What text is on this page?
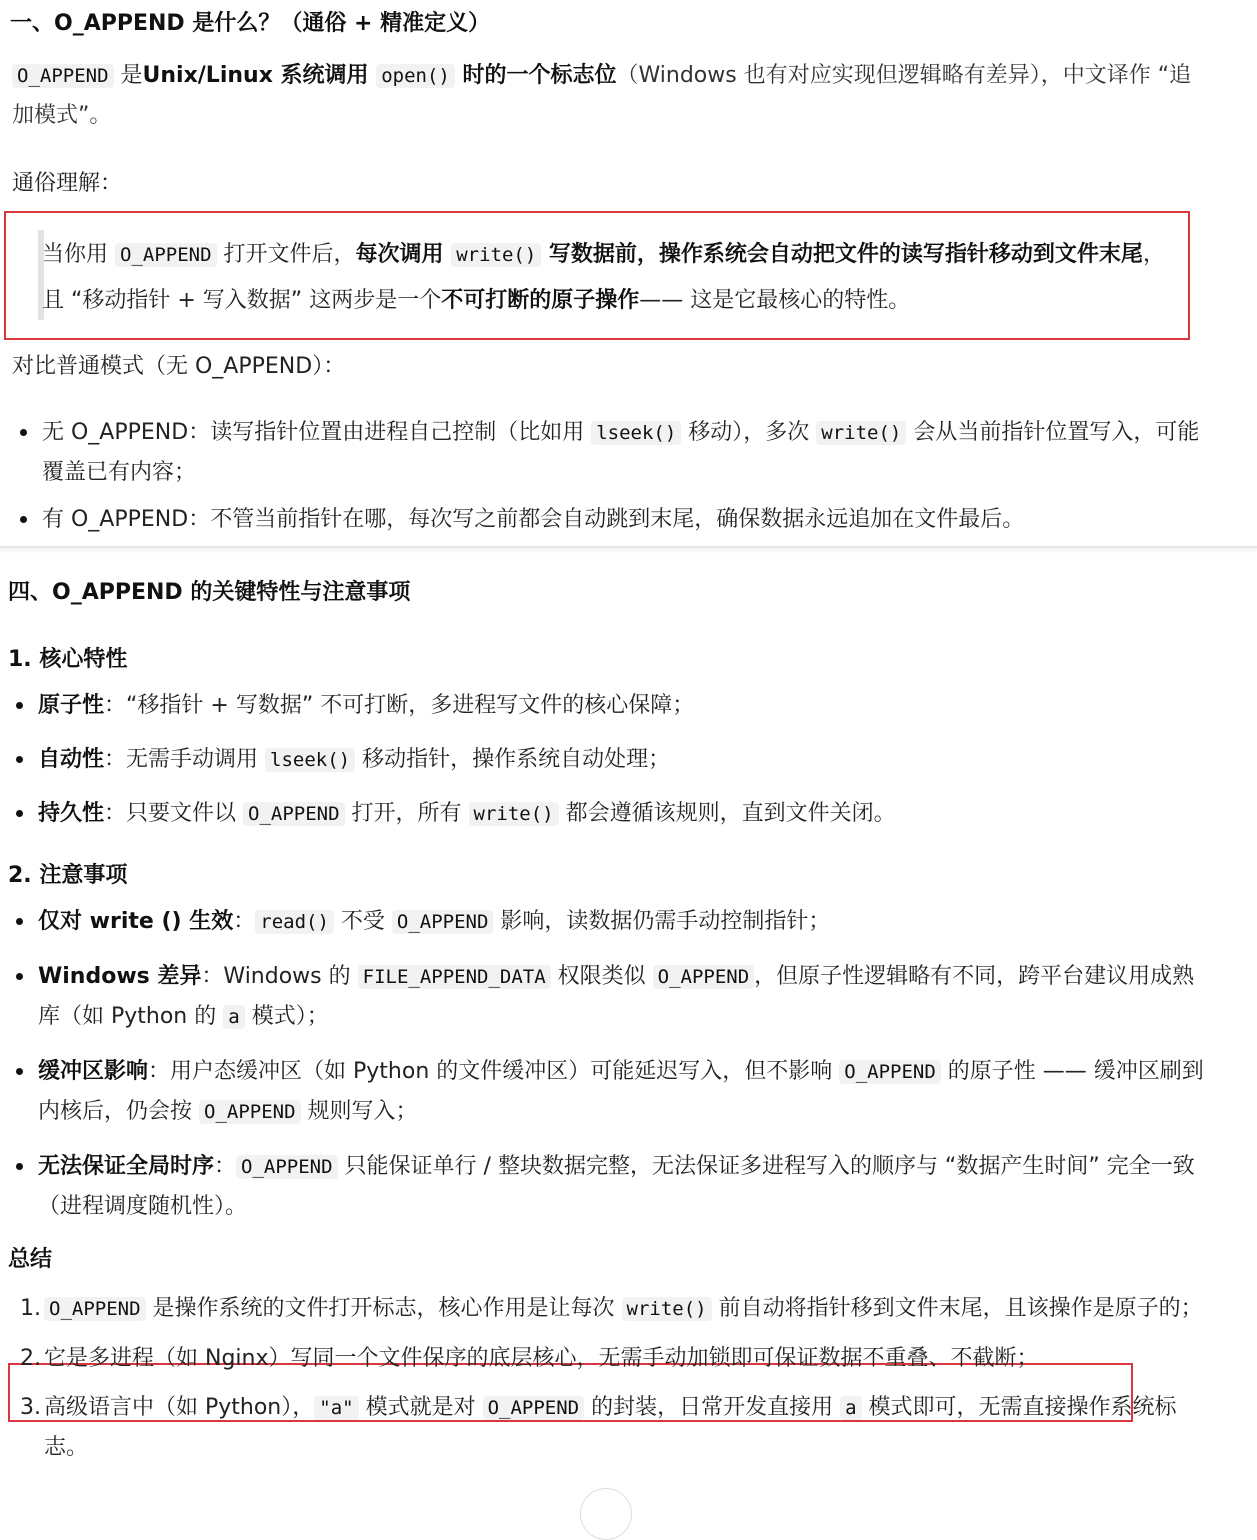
一、O_APPEND 是什么？（通俗 + 精准定义）
O_APPEND 是Unix/Linux 系统调用 open() 时的一个标志位（Windows 也有对应实现但逻辑略有差异），中文译作 “追加模式”。
通俗理解：
当你用 O_APPEND 打开文件后，每次调用 write() 写数据前，操作系统会自动把文件的读写指针移动到文件末尾，且 “移动指针 + 写入数据” 这两步是一个不可打断的原子操作—— 这是它最核心的特性。
对比普通模式（无 O_APPEND）：
无 O_APPEND：读写指针位置由进程自己控制（比如用 lseek() 移动），多次 write() 会从当前指针位置写入，可能覆盖已有内容；
有 O_APPEND：不管当前指针在哪，每次写之前都会自动跳到末尾，确保数据永远追加在文件最后。
四、O_APPEND 的关键特性与注意事项
1. 核心特性
原子性：“移指针 + 写数据” 不可打断，多进程写文件的核心保障；
自动性：无需手动调用 lseek() 移动指针，操作系统自动处理；
持久性：只要文件以 O_APPEND 打开，所有 write() 都会遵循该规则，直到文件关闭。
2. 注意事项
仅对 write () 生效： read() 不受 O_APPEND 影响，读数据仍需手动控制指针；
Windows 差异：Windows 的 FILE_APPEND_DATA 权限类似 O_APPEND ，但原子性逻辑略有不同，跨平台建议用成熟库（如 Python 的 a 模式）；
缓冲区影响：用户态缓冲区（如 Python 的文件缓冲区）可能延迟写入，但不影响 O_APPEND 的原子性 —— 缓冲区刷到内核后，仍会按 O_APPEND 规则写入；
无法保证全局时序： O_APPEND 只能保证单行 / 整块数据完整，无法保证多进程写入的顺序与 “数据产生时间” 完全一致（进程调度随机性）。
总结
1. O_APPEND 是操作系统的文件打开标志，核心作用是让每次 write() 前自动将指针移到文件末尾，且该操作是原子的；
2. 它是多进程（如 Nginx）写同一个文件保序的底层核心，无需手动加锁即可保证数据不重叠、不截断；
3. 高级语言中（如 Python）， "a" 模式就是对 O_APPEND 的封装，日常开发直接用 a 模式即可，无需直接操作系统标志。
